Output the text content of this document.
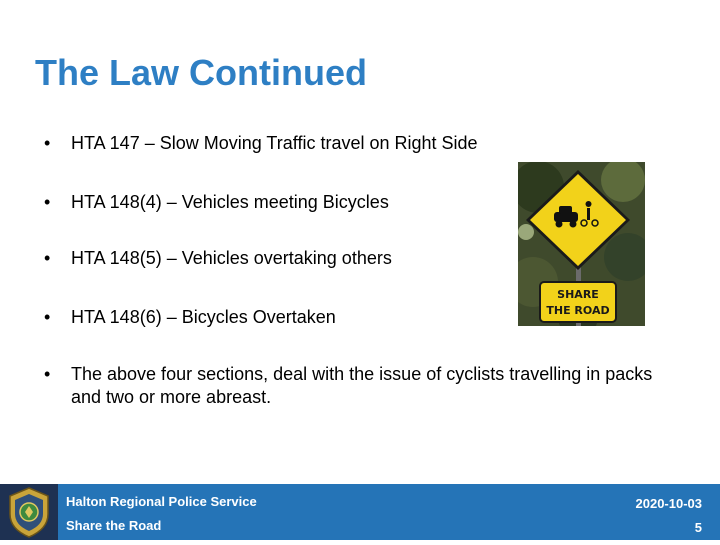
The Law Continued
• HTA 147 – Slow Moving Traffic travel on Right Side
• HTA 148(4) – Vehicles meeting Bicycles
• HTA 148(5) – Vehicles overtaking others
• HTA 148(6) – Bicycles Overtaken
• The above four sections, deal with the issue of cyclists travelling in packs and two or more abreast.
SHARE
THE ROAD
Halton Regional Police Service
Share the Road
2020-10-03
5
